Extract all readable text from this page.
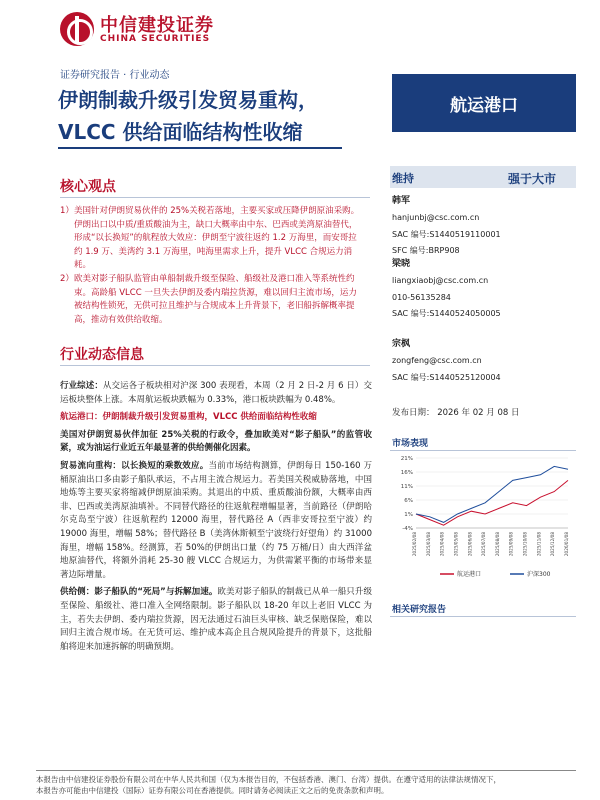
中信建投证券
CHINA SECURITIES
证券研究报告 · 行业动态
伊朗制裁升级引发贸易重构，
VLCC 供给面临结构性收缩
航运港口
核心观点
1） 美国针对伊朗贸易伙伴的 25%关税若落地，主要买家或压降伊朗原油采购。伊朗出口以中质/重质酸油为主，缺口大概率由中东、巴西或美湾原油替代，形成“以长换短”的航程放大效应：伊朗至宁波往返约 1.2 万海里，而安哥拉约 1.9 万、美湾约 3.1 万海里，吨海里需求上升，提升 VLCC 合规运力消耗。
2） 欧美对影子船队监管由单船制裁升级至保险、船级社及港口准入等系统性约束。高龄船 VLCC 一旦失去伊朗及委内瑞拉货源，难以回归主流市场，运力被结构性锁死，无供可拉且维护与合规成本上升背景下，老旧船拆解概率提高，推动有效供给收缩。
行业动态信息

行业综述：从交运各子板块相对沪深 300 表现看，本周（2 月 2 日-2 月 6 日）交运板块整体上涨。本周航运板块跌幅为 0.33%，港口板块跌幅为 0.48%。

航运港口：伊朗制裁升级引发贸易重构，VLCC 供给面临结构性收缩

美国对伊朗贸易伙伴加征 25%关税的行政令，叠加欧美对“影子船队”的监管收紧，或为油运行业近五年最显著的供给侧催化因素。

贸易流向重构：以长换短的乘数效应。当前市场结构测算，伊朗每日 150-160 万桶原油出口多由影子船队承运，不占用主流合规运力。若美国关税威胁落地，中国地炼等主要买家将缩减伊朗原油采购。其退出的中质、重质酸油份额，大概率由西非、巴西或美湾原油填补。不同替代路径的往返航程增幅显著，当前路径（伊朗哈尔克岛至宁波）往返航程约 12000 海里，替代路径 A（西非安哥拉至宁波）约 19000 海里，增幅 58%；替代路径 B（美湾休斯顿至宁波绕行好望角）约 31000 海里，增幅 158%。经测算，若 50%的伊朗出口量（约 75 万桶/日）由大西洋盆地原油替代，将额外消耗 25-30 艘 VLCC 合规运力，为供需紧平衡的市场带来显著边际增量。

供给侧：影子船队的“死局”与拆解加速。欧美对影子船队的制裁已从单一船只升级至保险、船级社、港口准入全网络限制。影子船队以 18-20 年以上老旧 VLCC 为主，若失去伊朗、委内瑞拉货源，因无法通过石油巨头审核、缺乏保赔保险，难以回归主流合规市场。在无货可运、维护成本高企且合规风险提升的背景下，这批船舶将迎来加速拆解的明确预期。

维持	强于大市
韩军
hanjunbj@csc.com.cn
SAC 编号:S1440519110001
SFC 编号:BRP908
梁晓
liangxiaobj@csc.com.cn
010-56135284
SAC 编号:S1440524050005
宗枫
zongfeng@csc.com.cn
SAC 编号:S1440525120004
发布日期： 2026 年 02 月 08 日
市场表现
21%
16%
11%
6%
1%
-4%
2025/02/08 2025/03/08 2025/04/08 2025/05/08 2025/06/08 2025/07/08 2025/08/08 2025/09/08 2025/10/08 2025/11/08 2025/12/08 2026/01/08
航运港口	沪深300
相关研究报告
本报告由中信建投证券股份有限公司在中华人民共和国（仅为本报告目的，不包括香港、澳门、台湾）提供。在遵守适用的法律法规情况下，
本报告亦可能由中信建投（国际）证券有限公司在香港提供。同时请务必阅读正文之后的免责条款和声明。
